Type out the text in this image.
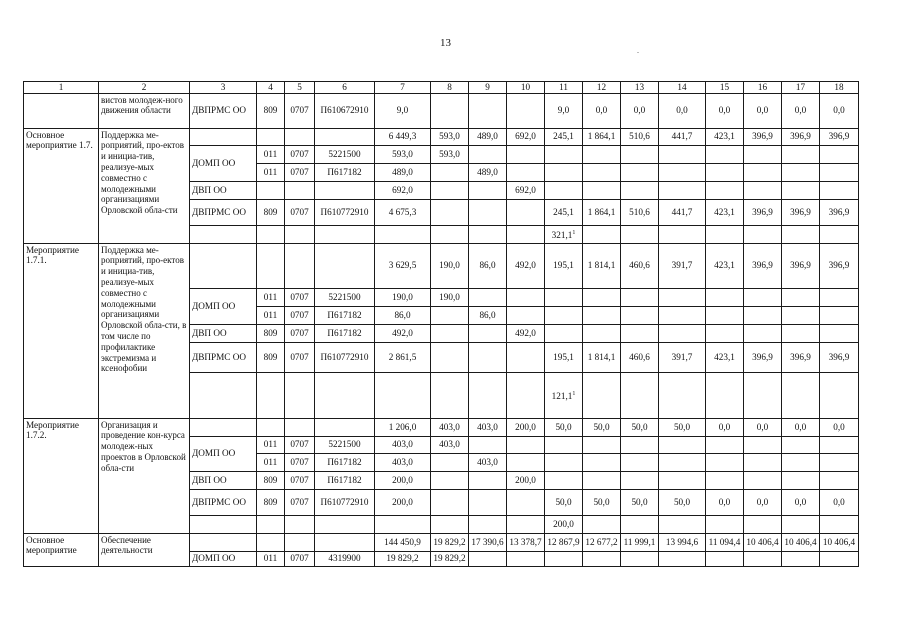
13
.
1	2	3	4	5	6	7	8	9	10	11	12	13	14	15	16	17	18
	вистов молодеж-ного движения области	ДВПРМС ОО	809	0707	П610672910	9,0				9,0	0,0	0,0	0,0	0,0	0,0	0,0	0,0
Основное мероприятие 1.7.	Поддержка ме-роприятий, про-ектов и инициа-тив, реализуе-мых совместно с молодежными организациями Орловской обла-сти					6 449,3	593,0	489,0	692,0	245,1	1 864,1	510,6	441,7	423,1	396,9	396,9	396,9
		ДОМП ОО	011	0707	5221500	593,0	593,0										
			011	0707	П617182	489,0		489,0									
		ДВП ОО				692,0			692,0								
		ДВПРМС ОО	809	0707	П610772910	4 675,3				245,1	1 864,1	510,6	441,7	423,1	396,9	396,9	396,9
										321,1$^1$							
Мероприятие 1.7.1.	Поддержка ме-роприятий, про-ектов и инициа-тив, реализуе-мых совместно с молодежными организациями Орловской обла-сти, в том числе по профилактике экстремизма и ксенофобии					3 629,5	190,0	86,0	492,0	195,1	1 814,1	460,6	391,7	423,1	396,9	396,9	396,9
		ДОМП ОО	011	0707	5221500	190,0	190,0										
			011	0707	П617182	86,0		86,0									
		ДВП ОО	809	0707	П617182	492,0			492,0								
		ДВПРМС ОО	809	0707	П610772910	2 861,5				195,1	1 814,1	460,6	391,7	423,1	396,9	396,9	396,9
										121,1$^1$							
Мероприятие 1.7.2.	Организация и проведение кон-курса молодеж-ных проектов в Орловской обла-сти					1 206,0	403,0	403,0	200,0	50,0	50,0	50,0	50,0	0,0	0,0	0,0	0,0
		ДОМП ОО	011	0707	5221500	403,0	403,0										
			011	0707	П617182	403,0		403,0									
		ДВП ОО	809	0707	П617182	200,0			200,0								
		ДВПРМС ОО	809	0707	П610772910	200,0				50,0	50,0	50,0	50,0	0,0	0,0	0,0	0,0
										200,0							
Основное мероприятие	Обеспечение деятельности					144 450,9	19 829,2	17 390,6	13 378,7	12 867,9	12 677,2	11 999,1	13 994,6	11 094,4	10 406,4	10 406,4	10 406,4
		ДОМП ОО	011	0707	4319900	19 829,2	19 829,2										
